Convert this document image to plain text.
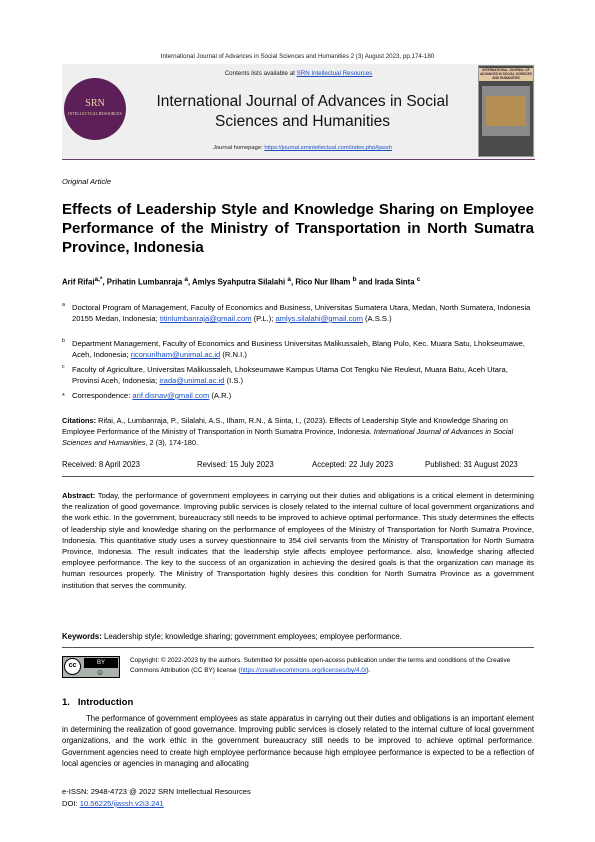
International Journal of Advances in Social Sciences and Humanities 2 (3) August 2023, pp.174-180
Contents lists available at SRN Intellectual Resources
SRN
INTELLECTUAL RESOURCES
International Journal of Advances in Social
Sciences and Humanities
Journal homepage: https://journal.srnintellectual.com/index.php/ijassh
INTERNATIONAL JOURNAL OF ADVANCES IN SOCIAL SCIENCES AND HUMANITIES
Original Article
Effects of Leadership Style and Knowledge Sharing on Employee Performance of the Ministry of Transportation in North Sumatra Province, Indonesia
Arif Rifai$^{a,*}$, Prihatin Lumbanraja $^a$, Amlys Syahputra Silalahi $^a$, Rico Nur Ilham $^b$ and Irada Sinta $^c$
a Doctoral Program of Management, Faculty of Economics and Business, Universitas Sumatera Utara, Medan, North Sumatera, Indonesia 20155 Medan, Indonesia; titinlumbanraja@gmail.com (P.L.); amlys.silalahi@gmail.com (A.S.S.)
b Department Management, Faculty of Economics and Business Universitas Malikussaleh, Blang Pulo, Kec. Muara Satu, Lhokseumawe, Aceh, Indonesia; riconurilham@unimal.ac.id (R.N.I.)
c Faculty of Agriculture, Universitas Malikussaleh, Lhokseumawe Kampus Utama Cot Tengku Nie Reuleut, Muara Batu, Aceh Utara, Provinsi Aceh, Indonesia; irada@unimal.ac.id (I.S.)
* Correspondence: arif.disnav@gmail.com (A.R.)
Citations: Rifai, A., Lumbanraja, P., Silalahi, A.S., Ilham, R.N., & Sinta, I., (2023). Effects of Leadership Style and Knowledge Sharing on Employee Performance of the Ministry of Transportation in North Sumatra Province, Indonesia. International Journal of Advances in Social Sciences and Humanities, 2 (3), 174-180.
Received: 8 April 2023	Revised: 15 July 2023	Accepted: 22 July 2023	Published: 31 August 2023
Abstract: Today, the performance of government employees in carrying out their duties and obligations is a critical element in determining the realization of good governance. Improving public services is closely related to the internal culture of local government organizations and the work ethic. In the government, bureaucracy still needs to be improved to achieve optimal performance. This study determines the effects of leadership style and knowledge sharing on the performance of employees of the Ministry of Transportation for North Sumatra Province, Indonesia. This quantitative study uses a survey questionnaire to 354 civil servants from the Ministry of Transportation for North Sumatra Province, Indonesia. The result indicates that the leadership style affects employee performance. also, knowledge sharing affected employee performance. The key to the success of an organization in achieving the desired goals is that the organization can manage its human resources properly. The Ministry of Transportation highly desires this condition for North Sumatra Province as a government institution that serves the community.
Keywords: Leadership style; knowledge sharing; government employees; employee performance.
cc	BY
☺
Copyright: © 2022-2023 by the authors. Submitted for possible open-access publication under the terms and conditions of the Creative Commons Attribution (CC BY) license (https://creativecommons.org/licenses/by/4.0/).
1. Introduction
The performance of government employees as state apparatus in carrying out their duties and obligations is an important element in determining the realization of good governance. Improving public services is closely related to the internal culture of local government organizations, and the work ethic in the government bureaucracy still needs to be improved to achieve optimal performance. Government agencies need to create high employee performance because high employee performance is expected to be a reflection of local agencies or agencies in managing and allocating
e-ISSN: 2948-4723 @ 2022 SRN Intellectual Resources
DOI: 10.56225/ijassh.v2i3.241
